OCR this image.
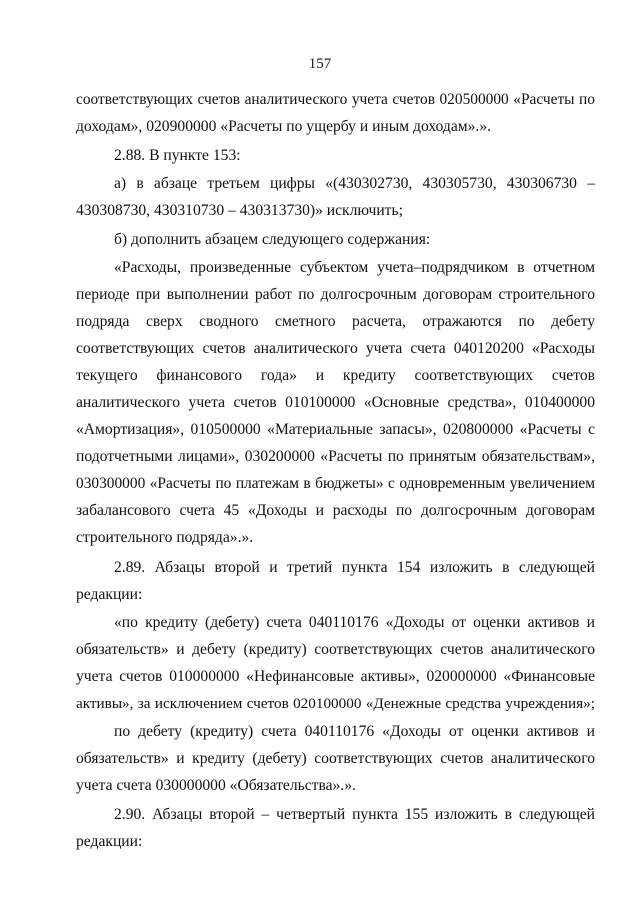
157
соответствующих счетов аналитического учета счетов 020500000 «Расчеты по
доходам», 020900000 «Расчеты по ущербу и иным доходам».».
2.88. В пункте 153:
а) в абзаце третьем цифры «(430302730, 430305730, 430306730 –
430308730, 430310730 – 430313730)» исключить;
б) дополнить абзацем следующего содержания:
«Расходы, произведенные субъектом учета–подрядчиком в отчетном
периоде при выполнении работ по долгосрочным договорам строительного
подряда сверх сводного сметного расчета, отражаются по дебету
соответствующих счетов аналитического учета счета 040120200 «Расходы
текущего финансового года» и кредиту соответствующих счетов
аналитического учета счетов 010100000 «Основные средства», 010400000
«Амортизация», 010500000 «Материальные запасы», 020800000 «Расчеты с
подотчетными лицами», 030200000 «Расчеты по принятым обязательствам»,
030300000 «Расчеты по платежам в бюджеты» с одновременным увеличением
забалансового счета 45 «Доходы и расходы по долгосрочным договорам
строительного подряда».».
2.89. Абзацы второй и третий пункта 154 изложить в следующей
редакции:
«по кредиту (дебету) счета 040110176 «Доходы от оценки активов и
обязательств» и дебету (кредиту) соответствующих счетов аналитического
учета счетов 010000000 «Нефинансовые активы», 020000000 «Финансовые
активы», за исключением счетов 020100000 «Денежные средства учреждения»;
по дебету (кредиту) счета 040110176 «Доходы от оценки активов и
обязательств» и кредиту (дебету) соответствующих счетов аналитического
учета счета 030000000 «Обязательства».».
2.90. Абзацы второй – четвертый пункта 155 изложить в следующей
редакции:
